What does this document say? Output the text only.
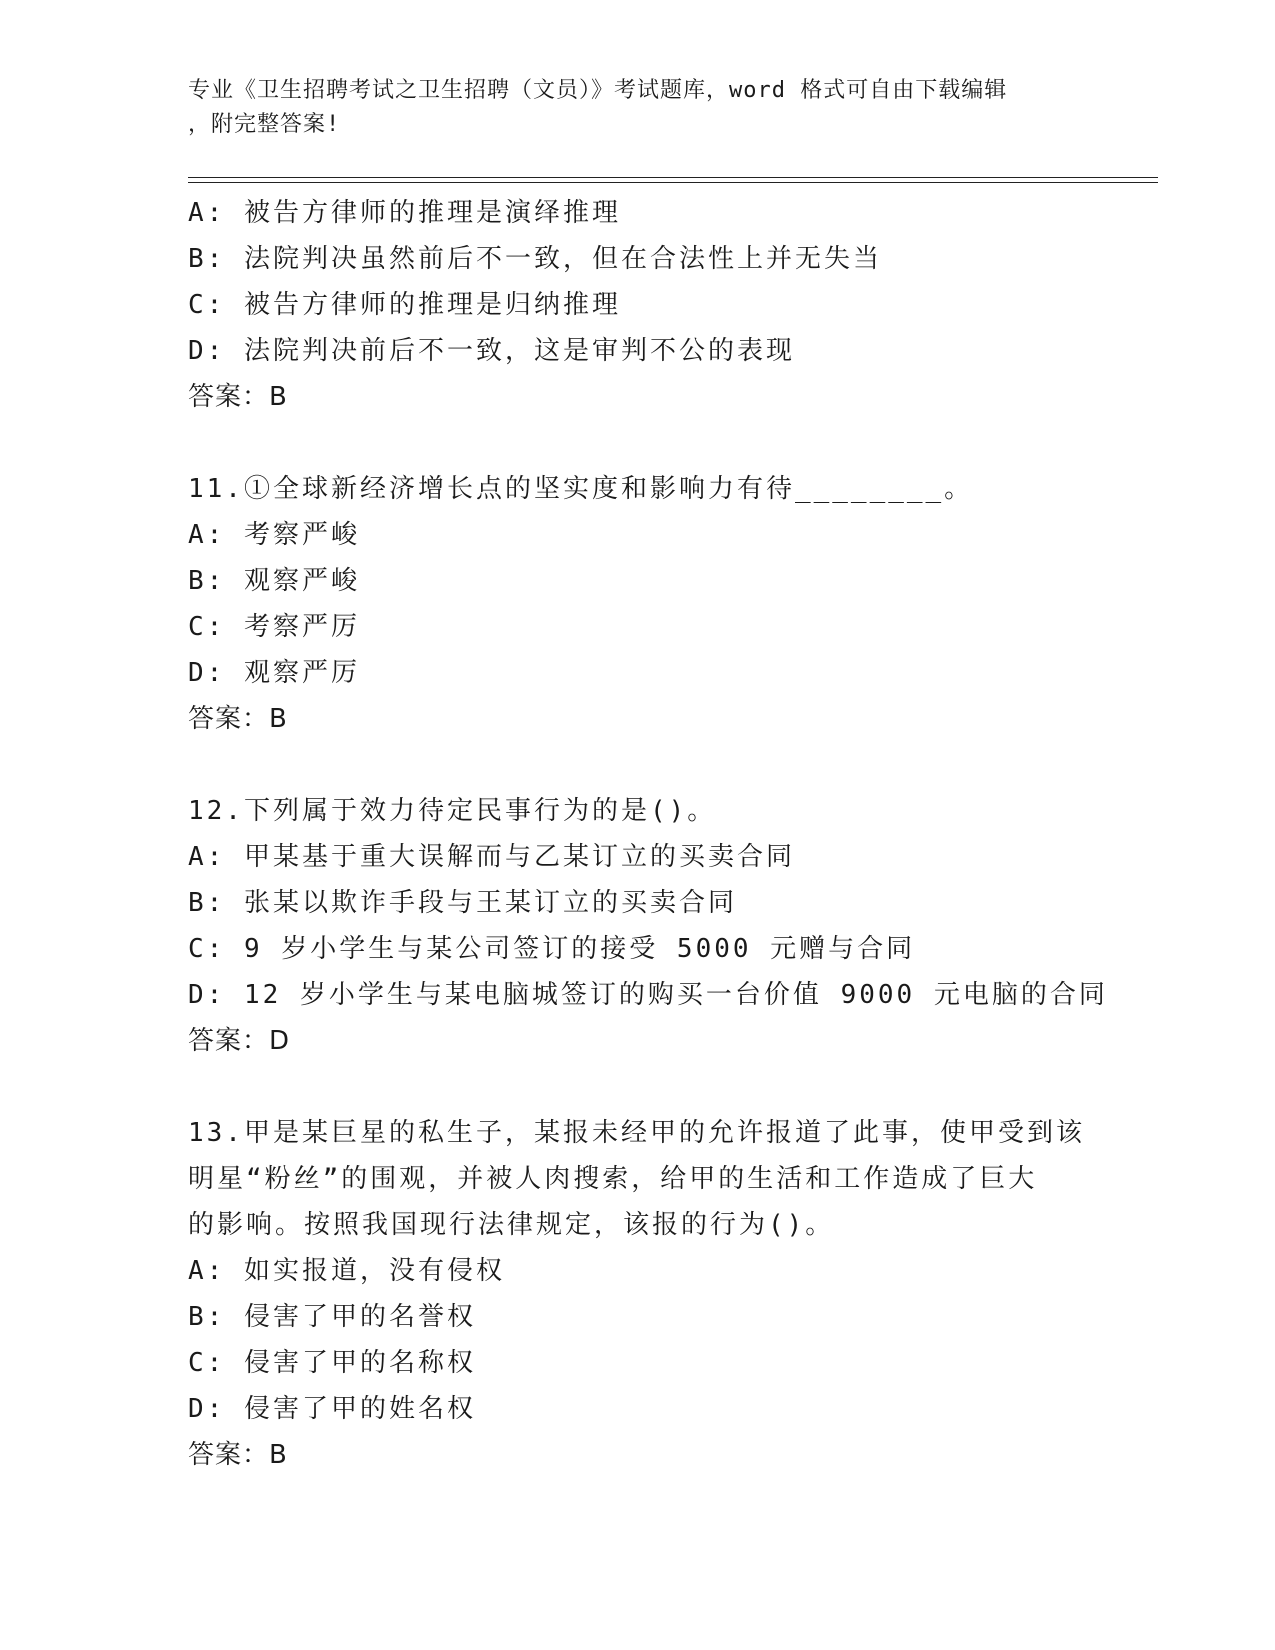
专业《卫生招聘考试之卫生招聘（文员）》考试题库，word 格式可自由下载编辑
，附完整答案!
A: 被告方律师的推理是演绎推理
B: 法院判决虽然前后不一致，但在合法性上并无失当
C: 被告方律师的推理是归纳推理
D: 法院判决前后不一致，这是审判不公的表现
答案：B
11.①全球新经济增长点的坚实度和影响力有待________。
A: 考察严峻
B: 观察严峻
C: 考察严厉
D: 观察严厉
答案：B
12.下列属于效力待定民事行为的是()。
A: 甲某基于重大误解而与乙某订立的买卖合同
B: 张某以欺诈手段与王某订立的买卖合同
C: 9 岁小学生与某公司签订的接受 5000 元赠与合同
D: 12 岁小学生与某电脑城签订的购买一台价值 9000 元电脑的合同
答案：D
13.甲是某巨星的私生子，某报未经甲的允许报道了此事，使甲受到该
明星“粉丝”的围观，并被人肉搜索，给甲的生活和工作造成了巨大
的影响。按照我国现行法律规定，该报的行为()。
A: 如实报道，没有侵权
B: 侵害了甲的名誉权
C: 侵害了甲的名称权
D: 侵害了甲的姓名权
答案：B
